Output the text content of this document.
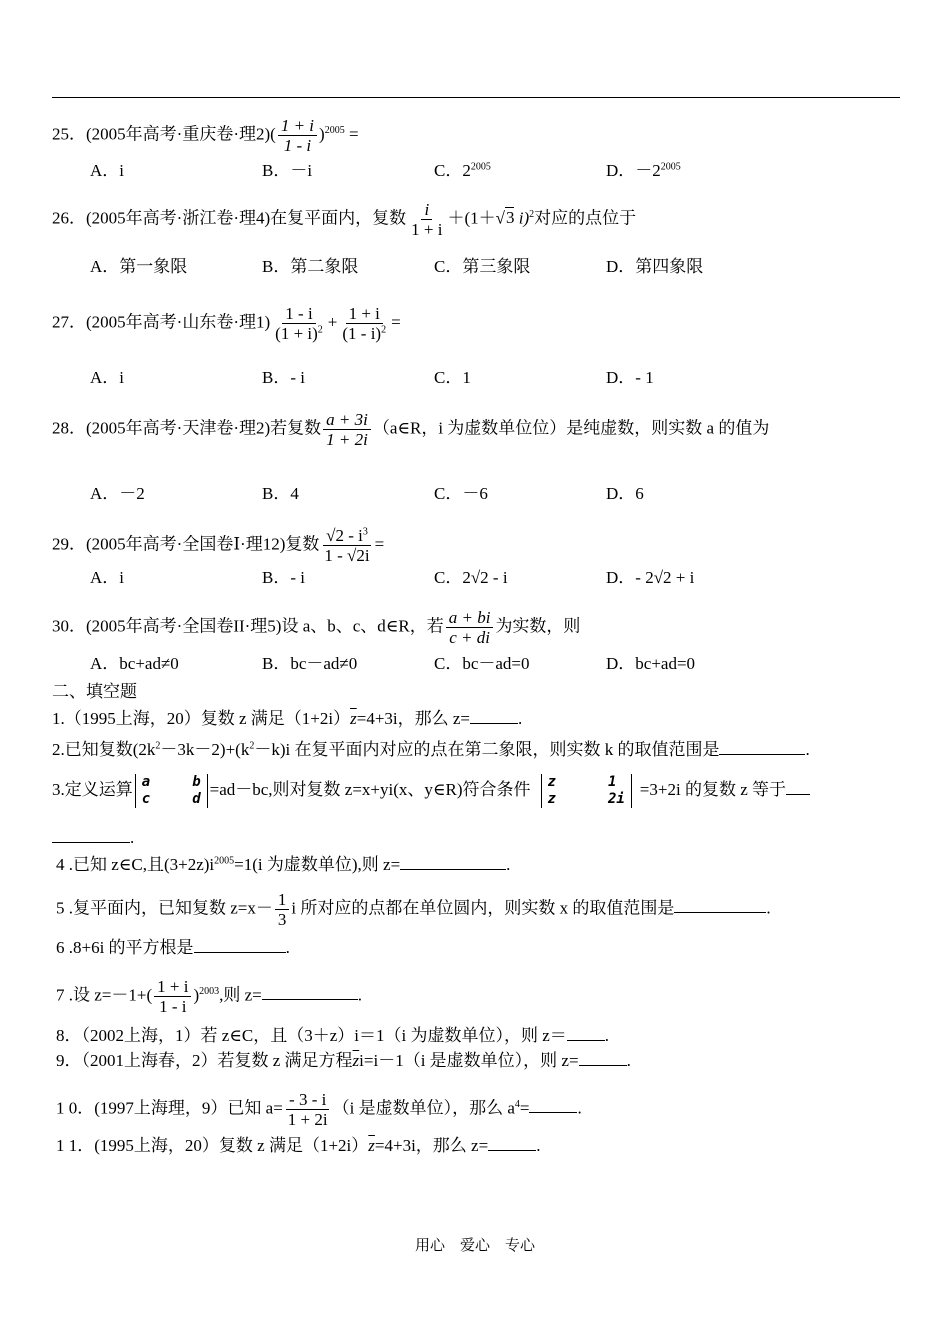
25．(2005年高考·重庆卷·理$2)( \frac{1 + i}{1 - i} )^{2005}$ =
A．i	B．－i	C．$2^{2005}$	D．$-2^{2005}$
26．(2005年高考·浙江卷·理4)在复平面内，复数 $\frac{i}{1 + i} +(1+√3$ i)$^2$对应的点位于
A．第一象限	B．第二象限	C．第三象限	D．第四象限
27．(2005年高考·山东卷·理$1) \frac{1 - i}{(1 + i)^2} + \frac{1 + i}{(1 - i)^2}$ =
A．i	B．- i	C．1	D．- 1
28．(2005年高考·天津卷·理2)若复数 $\frac{a + 3i}{1 + 2i}$ （a∈R，i 为虚数单位位）是纯虚数，则实数 a 的值为
A．－2	B．4	C．－6	D．6
29．(2005年高考·全国卷Ⅰ·理12)复数 $\frac{√2 - i^3}{1 - √2i}$ =
A．i	B．- i	C．2√2 - i	D．- 2√2 + i
30．(2005年高考·全国卷II·理5)设 a、b、c、d∈R，若 $\frac{a + bi}{c + di}$ 为实数，则
A．bc+ad≠0	B．bc－ad≠0	C．bc－ad=0	D．bc+ad=0
二、填空题
1.（1995上海，20）复数 z 满足$(1+2i)\overline{z}=4+3i$，那么 z=	.
2.已知复数$(2k^2-3k-2)+(k^2-k)i$ 在复平面内对应的点在第二象限，则实数 k 的取值范围是	.
3.定义运算 a	b
c	d
=ad－bc,则对复数 z=x+yi(x、y∈R)符合条件 z	1
z	2i
=3+2i 的复数 z 等于
.
4 .已知 z∈C,且$(3+2z)i^{2005}=1(i$ 为虚数单位),则 z=	.
5 .复平面内，已知复数 $z=x- \frac{1}{3}$ i 所对应的点都在单位圆内，则实数 x 的取值范围是	.
6 .8+6i 的平方根是	.
7 .设 $z=-1+( \frac{1 + i}{1 - i} )^{2003}$,则 z=	.
8．（2002上海，1）若 z∈C，且（3＋z）i＝1（i 为虚数单位），则 z＝ .
9．（2001上海春，2）若复数 z 满足方程$\overline{z}i=i-1(i$ 是虚数单位），则 z=	.
1 0．(1997上海理，9）已知 $a= \frac{- 3 - i}{1 + 2i} (i$ 是虚数单位），那么 $a^4=$	.
1 1．(1995上海，20）复数 z 满足$(1+2i)\overline{z}=4+3i$，那么 z=	.
用心　爱心　专心
